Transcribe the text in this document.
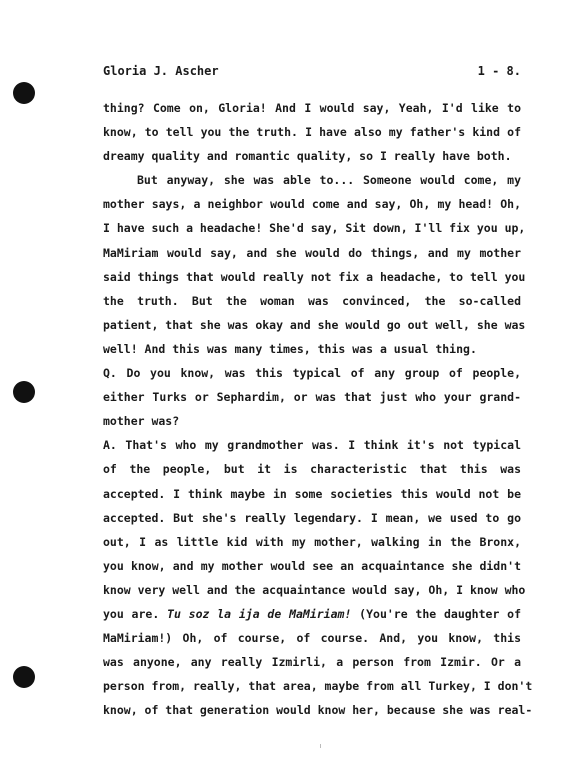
Gloria J. Ascher	1 - 8.
thing? Come on, Gloria! And I would say, Yeah, I'd like to
know, to tell you the truth. I have also my father's kind of
dreamy quality and romantic quality, so I really have both.
But anyway, she was able to... Someone would come, my
mother says, a neighbor would come and say, Oh, my head! Oh,
I have such a headache! She'd say, Sit down, I'll fix you up,
MaMiriam would say, and she would do things, and my mother
said things that would really not fix a headache, to tell you
the truth. But the woman was convinced, the so-called
patient, that she was okay and she would go out well, she was
well! And this was many times, this was a usual thing.
Q. Do you know, was this typical of any group of people,
either Turks or Sephardim, or was that just who your grand-
mother was?
A. That's who my grandmother was. I think it's not typical
of the people, but it is characteristic that this was
accepted. I think maybe in some societies this would not be
accepted. But she's really legendary. I mean, we used to go
out, I as little kid with my mother, walking in the Bronx,
you know, and my mother would see an acquaintance she didn't
know very well and the acquaintance would say, Oh, I know who
you are. Tu soz la ija de MaMiriam! (You're the daughter of
MaMiriam!) Oh, of course, of course. And, you know, this
was anyone, any really Izmirli, a person from Izmir. Or a
person from, really, that area, maybe from all Turkey, I don't
know, of that generation would know her, because she was real-
